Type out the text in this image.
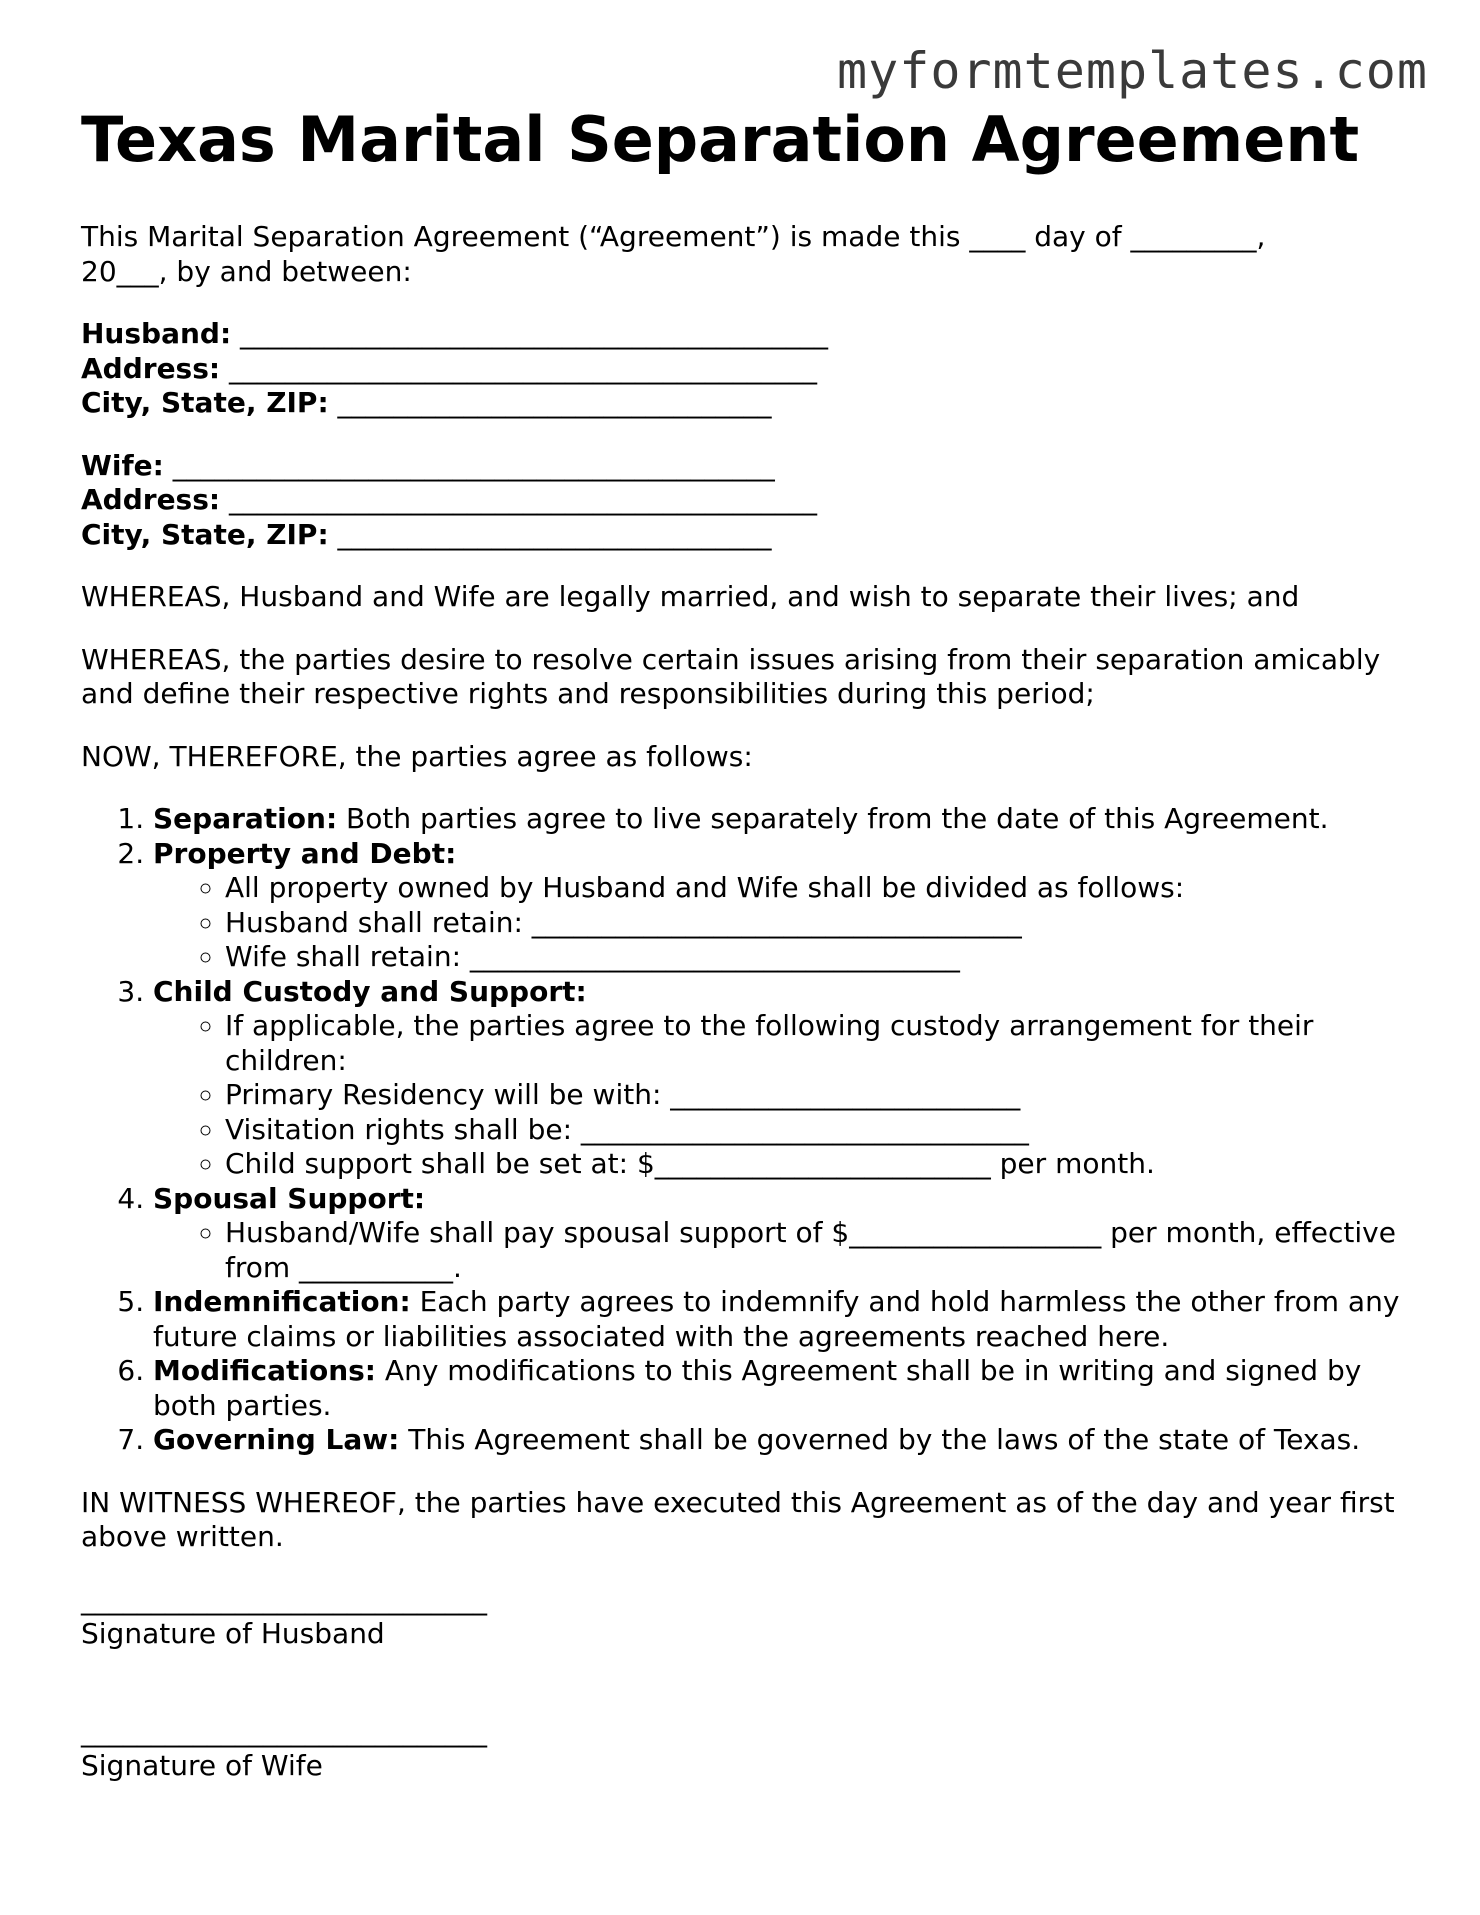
myformtemplates.com
Texas Marital Separation Agreement

This Marital Separation Agreement (“Agreement”) is made this ____ day of _________,
20___, by and between:

Husband: __________________________________________
Address: __________________________________________
City, State, ZIP: _______________________________
Wife: ___________________________________________
Address: __________________________________________
City, State, ZIP: _______________________________

WHEREAS, Husband and Wife are legally married, and wish to separate their lives; and

WHEREAS, the parties desire to resolve certain issues arising from their separation amicably and define their respective rights and responsibilities during this period;

NOW, THEREFORE, the parties agree as follows:

1. Separation: Both parties agree to live separately from the date of this Agreement.
2. Property and Debt:
◦ All property owned by Husband and Wife shall be divided as follows:
◦ Husband shall retain: ___________________________________
◦ Wife shall retain: ___________________________________
3. Child Custody and Support:
◦ If applicable, the parties agree to the following custody arrangement for their children:
◦ Primary Residency will be with: _________________________
◦ Visitation rights shall be: ________________________________
◦ Child support shall be set at: $________________________ per month.
4. Spousal Support:
◦ Husband/Wife shall pay spousal support of $__________________ per month, effective from ___________.
5. Indemnification: Each party agrees to indemnify and hold harmless the other from any future claims or liabilities associated with the agreements reached here.
6. Modifications: Any modifications to this Agreement shall be in writing and signed by both parties.
7. Governing Law: This Agreement shall be governed by the laws of the state of Texas.

IN WITNESS WHEREOF, the parties have executed this Agreement as of the day and year first above written.

_____________________________
Signature of Husband
_____________________________
Signature of Wife
